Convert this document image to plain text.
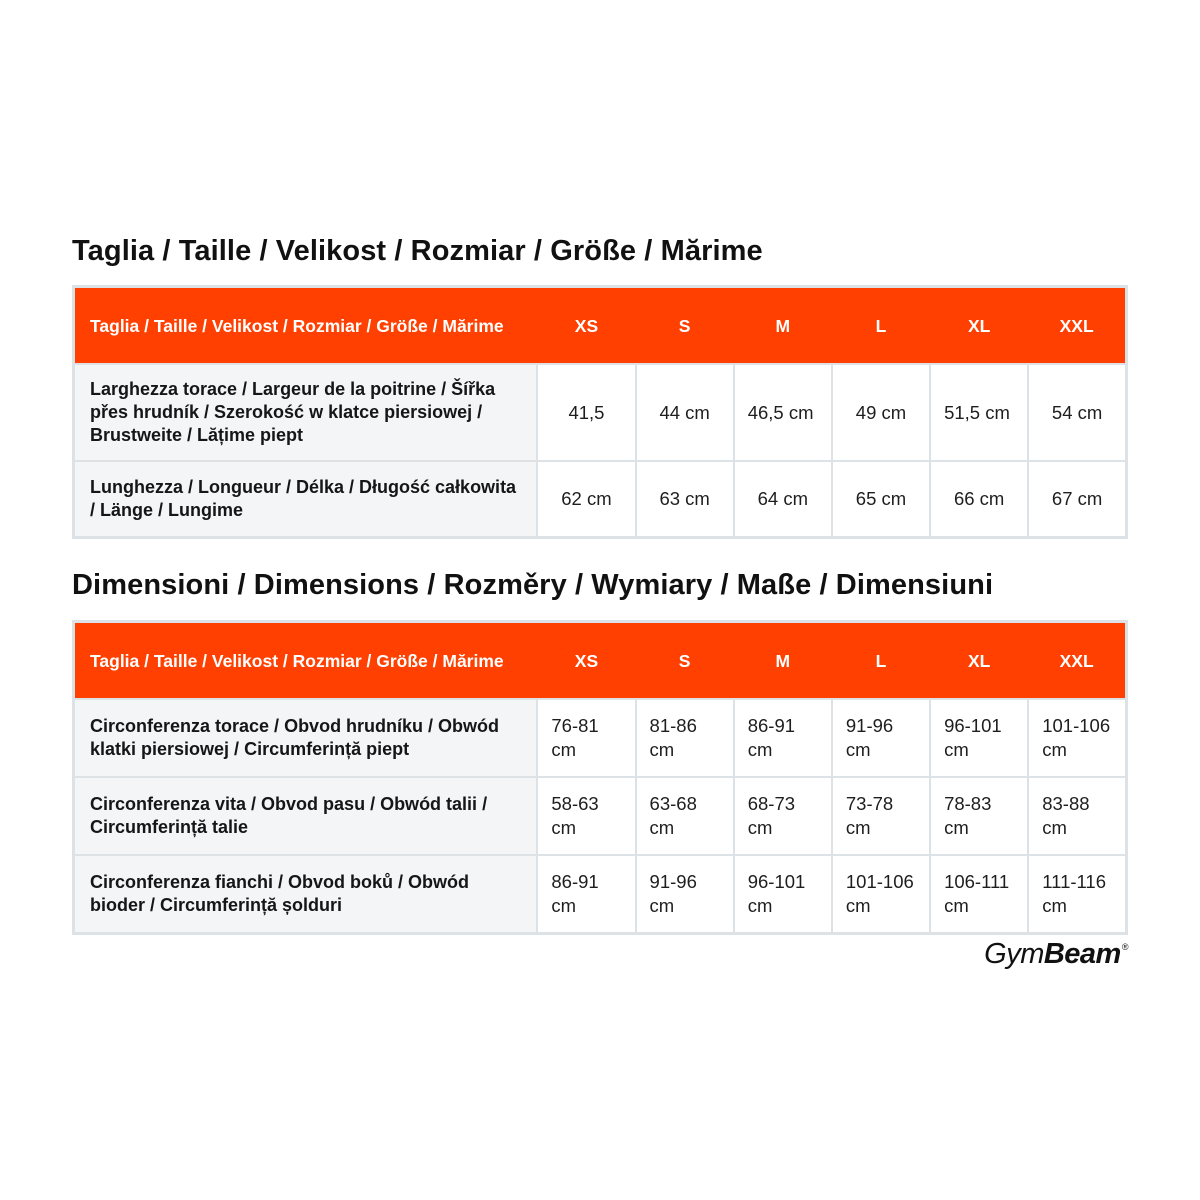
Taglia / Taille / Velikost / Rozmiar / Größe / Mărime
Taglia / Taille / Velikost / Rozmiar / Größe / Mărime	XS	S	M	L	XL	XXL
Larghezza torace / Largeur de la poitrine / Šířka přes hrudník / Szerokość w klatce piersiowej / Brustweite / Lățime piept	41,5	44 cm	46,5 cm	49 cm	51,5 cm	54 cm
Lunghezza / Longueur / Délka / Długość całkowita / Länge / Lungime	62 cm	63 cm	64 cm	65 cm	66 cm	67 cm
Dimensioni / Dimensions / Rozměry / Wymiary / Maße / Dimensiuni
Taglia / Taille / Velikost / Rozmiar / Größe / Mărime	XS	S	M	L	XL	XXL
Circonferenza torace / Obvod hrudníku / Obwód klatki piersiowej / Circumferință piept	76-81 cm	81-86 cm	86-91 cm	91-96 cm	96-101 cm	101-106 cm
Circonferenza vita / Obvod pasu / Obwód talii / Circumferință talie	58-63 cm	63-68 cm	68-73 cm	73-78 cm	78-83 cm	83-88 cm
Circonferenza fianchi / Obvod boků / Obwód bioder / Circumferință șolduri	86-91 cm	91-96 cm	96-101 cm	101-106 cm	106-111 cm	111-116 cm
GymBeam®
